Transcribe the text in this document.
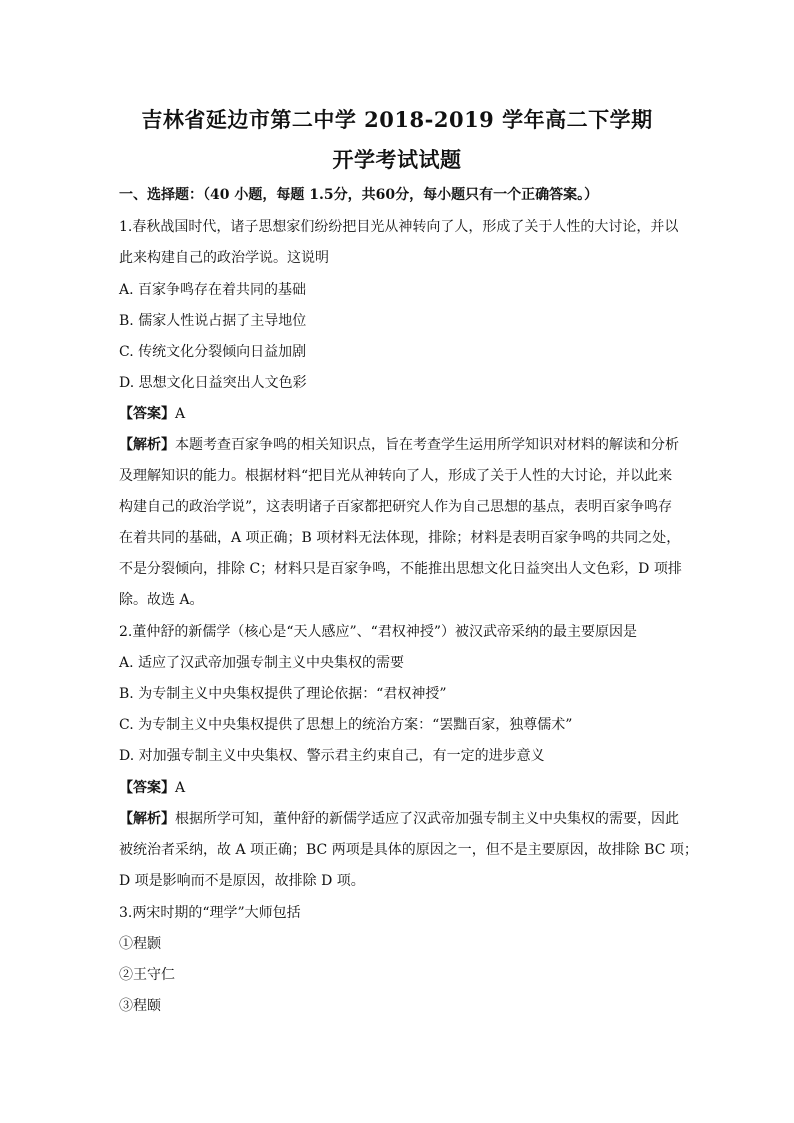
吉林省延边市第二中学 2018-2019 学年高二下学期
开学考试试题
一、选择题：（40 小题，每题 1.5分，共60分，每小题只有一个正确答案。）
1.春秋战国时代，诸子思想家们纷纷把目光从神转向了人，形成了关于人性的大讨论，并以
此来构建自己的政治学说。这说明
A. 百家争鸣存在着共同的基础
B. 儒家人性说占据了主导地位
C. 传统文化分裂倾向日益加剧
D. 思想文化日益突出人文色彩
【答案】A
【解析】本题考查百家争鸣的相关知识点，旨在考查学生运用所学知识对材料的解读和分析
及理解知识的能力。根据材料“把目光从神转向了人，形成了关于人性的大讨论，并以此来
构建自己的政治学说”，这表明诸子百家都把研究人作为自己思想的基点，表明百家争鸣存
在着共同的基础，A 项正确；B 项材料无法体现，排除；材料是表明百家争鸣的共同之处，
不是分裂倾向，排除 C；材料只是百家争鸣，不能推出思想文化日益突出人文色彩，D 项排
除。故选 A。
2.董仲舒的新儒学（核心是“天人感应”、“君权神授”）被汉武帝采纳的最主要原因是
A. 适应了汉武帝加强专制主义中央集权的需要
B. 为专制主义中央集权提供了理论依据：“君权神授”
C. 为专制主义中央集权提供了思想上的统治方案：“罢黜百家，独尊儒术”
D. 对加强专制主义中央集权、警示君主约束自己，有一定的进步意义
【答案】A
【解析】根据所学可知，董仲舒的新儒学适应了汉武帝加强专制主义中央集权的需要，因此
被统治者采纳，故 A 项正确；BC 两项是具体的原因之一，但不是主要原因，故排除 BC 项；
D 项是影响而不是原因，故排除 D 项。
3.两宋时期的“理学”大师包括
①程颢
②王守仁
③程颐
